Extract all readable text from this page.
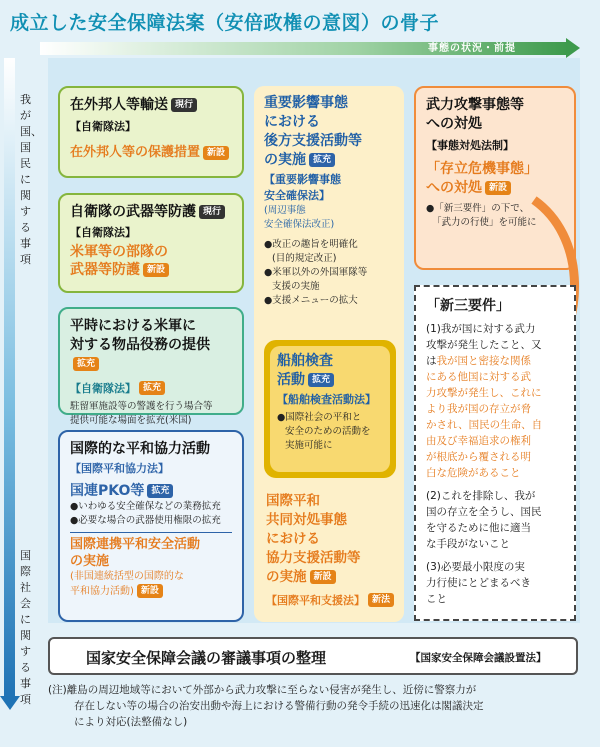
成立した安全保障法案（安倍政権の意図）の骨子
事態の状況・前提
我が国、国民に関する事項
国際社会に関する事項
在外邦人等輸送 現行
【自衛隊法】
在外邦人等の保護措置 新設
自衛隊の武器等防護 現行
【自衛隊法】
米軍等の部隊の
武器等防護 新設
平時における米軍に
対する物品役務の提供拡充
【自衛隊法】 拡充
駐留軍施設等の警護を行う場合等
提供可能な場面を拡充(米国)
国際的な平和協力活動
【国際平和協力法】
国連PKO等 拡充
●いわゆる安全確保などの業務拡充
●必要な場合の武器使用権限の拡充
国際連携平和安全活動
の実施
(非国連統括型の国際的な
平和協力活動) 新設
重要影響事態
における
後方支援活動等
の実施 拡充
【重要影響事態
安全確保法】
(周辺事態
安全確保法改正)
●改正の趣旨を明確化
(目的規定改正)
●米軍以外の外国軍隊等
支援の実施
●支援メニューの拡大
船舶検査
活動 拡充
【船舶検査活動法】
●国際社会の平和と
安全のための活動を
実施可能に
国際平和
共同対処事態
における
協力支援活動等
の実施 新設
【国際平和支援法】 新法
武力攻撃事態等
への対処
【事態対処法制】
「存立危機事態」
への対処 新設
●「新三要件」の下で、
「武力の行使」を可能に
「新三要件」
(1)我が国に対する武力
攻撃が発生したこと、又
は我が国と密接な関係
にある他国に対する武
力攻撃が発生し、これに
より我が国の存立が脅
かされ、国民の生命、自
由及び幸福追求の権利
が根底から覆される明
白な危険があること
(2)これを排除し、我が
国の存立を全うし、国民
を守るために他に適当
な手段がないこと
(3)必要最小限度の実
力行使にとどまるべき
こと
国家安全保障会議の審議事項の整理	【国家安全保障会議設置法】
(注)離島の周辺地域等において外部から武力攻撃に至らない侵害が発生し、近傍に警察力が
存在しない等の場合の治安出動や海上における警備行動の発令手続の迅速化は閣議決定
により対応(法整備なし)
